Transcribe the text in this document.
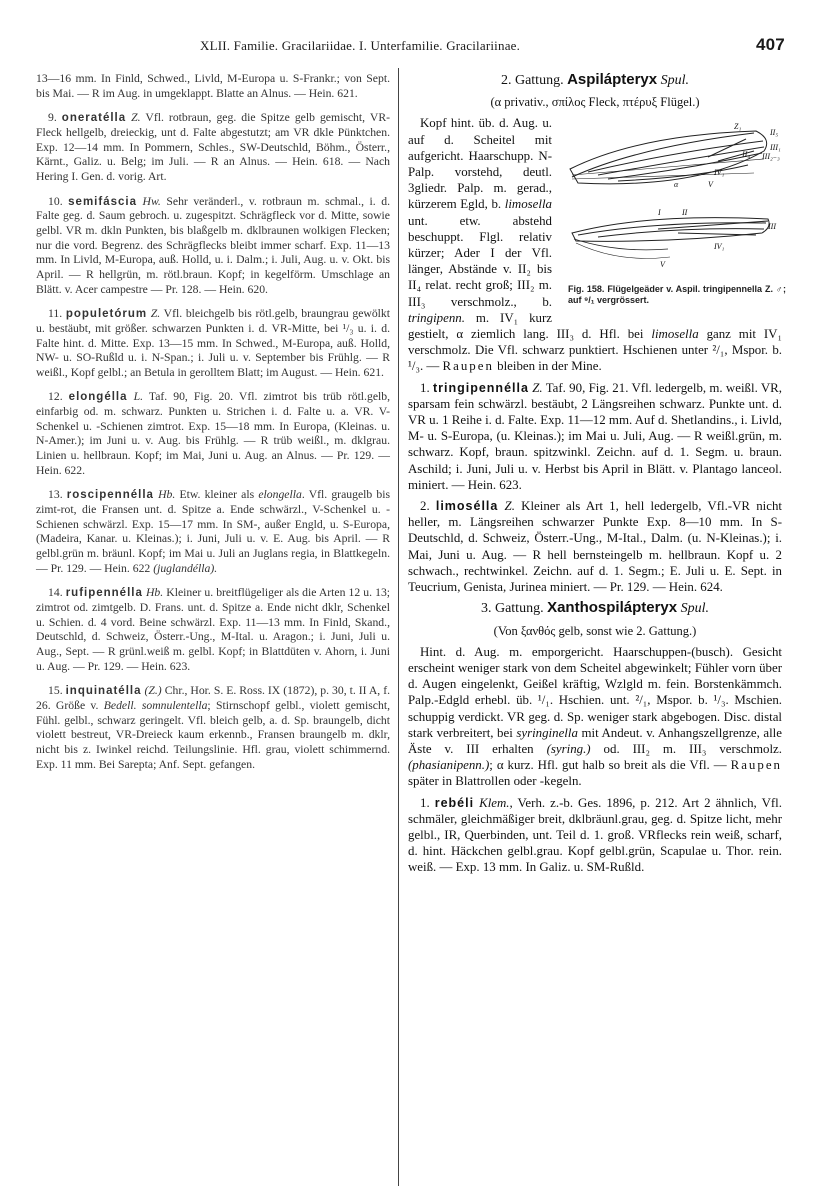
XLII. Familie. Gracilariidae. I. Unterfamilie. Gracilariinae.	407

13—16 mm. In Finld, Schwed., Livld, M-Europa u. S-Frankr.; von Sept. bis Mai. — R im Aug. in umgeklappt. Blatte an Alnus. — Hein. 621.

9. oneratélla Z. Vfl. rotbraun, geg. die Spitze gelb gemischt, VR-Fleck hellgelb, dreieckig, unt d. Falte abgestutzt; am VR dkle Pünktchen. Exp. 12—14 mm. In Pommern, Schles., SW-Deutschld, Böhm., Österr., Kärnt., Galiz. u. Belg; im Juli. — R an Alnus. — Hein. 618. — Nach Hering I. Gen. d. vorig. Art.

10. semifáscia Hw. Sehr veränderl., v. rotbraun m. schmal., i. d. Falte geg. d. Saum gebroch. u. zugespitzt. Schrägfleck vor d. Mitte, sowie gelbl. VR m. dkln Punkten, bis blaßgelb m. dklbraunen wolkigen Flecken; nur die vord. Begrenz. des Schrägflecks bleibt immer scharf. Exp. 11—13 mm. In Livld, M-Europa, auß. Holld, u. i. Dalm.; i. Juli, Aug. u. v. Okt. bis April. — R hellgrün, m. rötl.braun. Kopf; in kegelförm. Umschlage an Blätt. v. Acer campestre — Pr. 128. — Hein. 620.

11. populetórum Z. Vfl. bleichgelb bis rötl.gelb, braungrau gewölkt u. bestäubt, mit größer. schwarzen Punkten i. d. VR-Mitte, bei ¹/₃ u. i. d. Falte hint. d. Mitte. Exp. 13—15 mm. In Schwed., M-Europa, auß. Holld, NW- u. SO-Rußld u. i. N-Span.; i. Juli u. v. September bis Frühlg. — R weißl., Kopf gelbl.; an Betula in gerolltem Blatt; im August. — Hein. 621.

12. elongélla L. Taf. 90, Fig. 20. Vfl. zimtrot bis trüb rötl.gelb, einfarbig od. m. schwarz. Punkten u. Strichen i. d. Falte u. a. VR. V-Schenkel u. -Schienen zimtrot. Exp. 15—18 mm. In Europa, (Kleinas. u. N-Amer.); im Juni u. v. Aug. bis Frühlg. — R trüb weißl., m. dklgrau. Linien u. hellbraun. Kopf; im Mai, Juni u. Aug. an Alnus. — Pr. 129. — Hein. 622.

13. roscipennélla Hb. Etw. kleiner als elongella. Vfl. graugelb bis zimt-rot, die Fransen unt. d. Spitze a. Ende schwärzl., V-Schenkel u. -Schienen schwärzl. Exp. 15—17 mm. In SM-, außer Engld, u. S-Europa, (Madeira, Kanar. u. Kleinas.); i. Juni, Juli u. v. E. Aug. bis April. — R gelbl.grün m. bräunl. Kopf; im Mai u. Juli an Juglans regia, in Blattkegeln. — Pr. 129. — Hein. 622 (juglandélla).

14. rufipennélla Hb. Kleiner u. breitflügeliger als die Arten 12 u. 13; zimtrot od. zimtgelb. D. Frans. unt. d. Spitze a. Ende nicht dklr, Schenkel u. Schien. d. 4 vord. Beine schwärzl. Exp. 11—13 mm. In Finld, Skand., Deutschld, d. Schweiz, Österr.-Ung., M-Ital. u. Aragon.; i. Juni, Juli u. Aug., Sept. — R grünl.weiß m. gelbl. Kopf; in Blattdüten v. Ahorn, i. Juni u. Aug. — Pr. 129. — Hein. 623.

15. inquinatélla (Z.) Chr., Hor. S. E. Ross. IX (1872), p. 30, t. II A, f. 26. Größe v. Bedell. somnulentella; Stirnschopf gelbl., violett gemischt, Fühl. gelbl., schwarz geringelt. Vfl. bleich gelb, a. d. Sp. braungelb, dicht violett bestreut, VR-Dreieck kaum erkennb., Fransen braungelb m. dklr, nicht bis z. Iwinkel reichd. Teilungslinie. Hfl. grau, violett schimmernd. Exp. 11 mm. Bei Sarepta; Anf. Sept. gefangen.

2. Gattung. Aspilápteryx Spul.

(α privativ., σπίλος Fleck, πτέρυξ Flügel.)

Z₁
II₅
III₁
II₄ III₂₋₃
IV₁
V
α
I	II
III
IV₁
V
Fig. 158. Flügelgeäder v. Aspil. tringipennella Z. ♂; auf ⁹/₁ vergrössert.
Kopf hint. üb. d. Aug. u. auf d. Scheitel mit aufgericht. Haarschupp. N-Palp. vorstehd, deutl. 3gliedr. Palp. m. gerad., kürzerem Egld, b. limosella unt. etw. abstehd beschuppt. Flgl. relativ kürzer; Ader I der Vfl. länger, Abstände v. II₂ bis II₄ relat. recht groß; III₂ m. III₃ verschmolz., b. tringipenn. m. IV₁ kurz gestielt, α ziemlich lang. III₃ d. Hfl. bei limosella ganz mit IV₁ verschmolz. Die Vfl. schwarz punktiert. Hschienen unter ²/₁, Mspor. b. ¹/₃. — Raupen bleiben in der Mine.

1. tringipennélla Z. Taf. 90, Fig. 21. Vfl. ledergelb, m. weißl. VR, sparsam fein schwärzl. bestäubt, 2 Längsreihen schwarz. Punkte unt. d. VR u. 1 Reihe i. d. Falte. Exp. 11—12 mm. Auf d. Shetlandins., i. Livld, M- u. S-Europa, (u. Kleinas.); im Mai u. Juli, Aug. — R weißl.grün, m. schwarz. Kopf, braun. spitzwinkl. Zeichn. auf d. 1. Segm. u. braun. Aschild; i. Juni, Juli u. v. Herbst bis April in Blätt. v. Plantago lanceol. miniert. — Hein. 623.

2. limosélla Z. Kleiner als Art 1, hell ledergelb, Vfl.-VR nicht heller, m. Längsreihen schwarzer Punkte Exp. 8—10 mm. In S-Deutschld, d. Schweiz, Österr.-Ung., M-Ital., Dalm. (u. N-Kleinas.); i. Mai, Juni u. Aug. — R hell bernsteingelb m. hellbraun. Kopf u. 2 schwach., rechtwinkel. Zeichn. auf d. 1. Segm.; E. Juli u. E. Sept. in Teucrium, Genista, Jurinea miniert. — Pr. 129. — Hein. 624.

3. Gattung. Xanthospilápteryx Spul.

(Von ξανθός gelb, sonst wie 2. Gattung.)

Hint. d. Aug. m. emporgericht. Haarschuppen-(busch). Gesicht erscheint weniger stark von dem Scheitel abgewinkelt; Fühler vorn über d. Augen eingelenkt, Geißel kräftig, Wzlgld m. fein. Borstenkämmch. Palp.-Edgld erhebl. üb. ¹/₁. Hschien. unt. ²/₁, Mspor. b. ¹/₃. Mschien. schuppig verdickt. VR geg. d. Sp. weniger stark abgebogen. Disc. distal stark verbreitert, bei syringinella mit Andeut. v. Anhangszellgrenze, alle Äste v. III erhalten (syring.) od. III₂ m. III₃ verschmolz. (phasianipenn.); α kurz. Hfl. gut halb so breit als die Vfl. — Raupen später in Blattrollen oder -kegeln.

1. rebéli Klem., Verh. z.-b. Ges. 1896, p. 212. Art 2 ähnlich, Vfl. schmäler, gleichmäßiger breit, dklbräunl.grau, geg. d. Spitze licht, mehr gelbl., IR, Querbinden, unt. Teil d. 1. groß. VRflecks rein weiß, scharf, d. hint. Häckchen gelbl.grau. Kopf gelbl.grün, Scapulae u. Thor. rein. weiß. — Exp. 13 mm. In Galiz. u. SM-Rußld.
